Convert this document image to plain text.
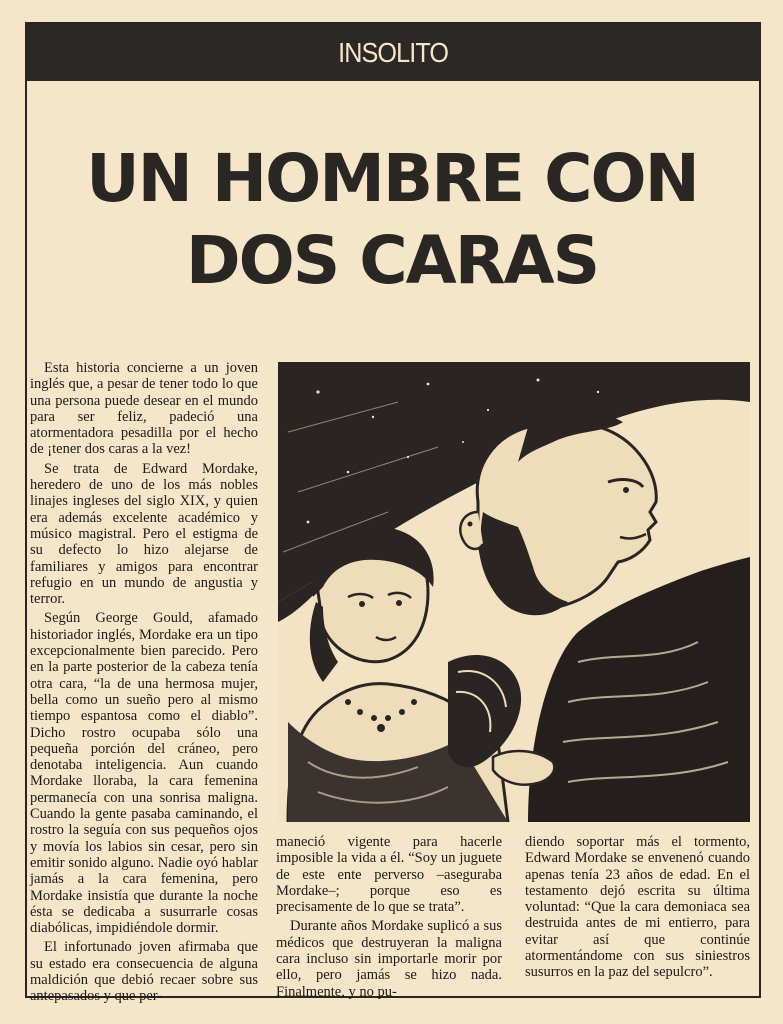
INSOLITO
UN HOMBRE CON
DOS CARAS

Esta historia concierne a un joven inglés que, a pesar de tener todo lo que una persona puede desear en el mundo para ser feliz, padeció una atormentadora pesadilla por el hecho de ¡tener dos caras a la vez!

Se trata de Edward Mordake, heredero de uno de los más nobles linajes ingleses del siglo XIX, y quien era además excelente académico y músico magistral. Pero el estigma de su defecto lo hizo alejarse de familiares y amigos para encontrar refugio en un mundo de angustia y terror.

Según George Gould, afamado historiador inglés, Mordake era un tipo excepcionalmente bien parecido. Pero en la parte posterior de la cabeza tenía otra cara, “la de una hermosa mujer, bella como un sueño pero al mismo tiempo espantosa como el diablo”. Dicho rostro ocupaba sólo una pequeña porción del cráneo, pero denotaba inteligencia. Aun cuando Mordake lloraba, la cara femenina permanecía con una sonrisa maligna. Cuando la gente pasaba caminando, el rostro la seguía con sus pequeños ojos y movía los labios sin cesar, pero sin emitir sonido alguno. Nadie oyó hablar jamás a la cara femenina, pero Mordake insistía que durante la noche ésta se dedicaba a susurrarle cosas diabólicas, impidiéndole dormir.

El infortunado joven afirmaba que su estado era consecuencia de alguna maldición que debió recaer sobre sus antepasados y que per-

maneció vigente para hacerle imposible la vida a él. “Soy un juguete de este ente perverso –aseguraba Mordake–; porque eso es precisamente de lo que se trata”.

Durante años Mordake suplicó a sus médicos que destruyeran la maligna cara incluso sin importarle morir por ello, pero jamás se hizo nada. Finalmente, y no pu-

diendo soportar más el tormento, Edward Mordake se envenenó cuando apenas tenía 23 años de edad. En el testamento dejó escrita su última voluntad: “Que la cara demoniaca sea destruida antes de mi entierro, para evitar así que continúe atormentándome con sus siniestros susurros en la paz del sepulcro”.
